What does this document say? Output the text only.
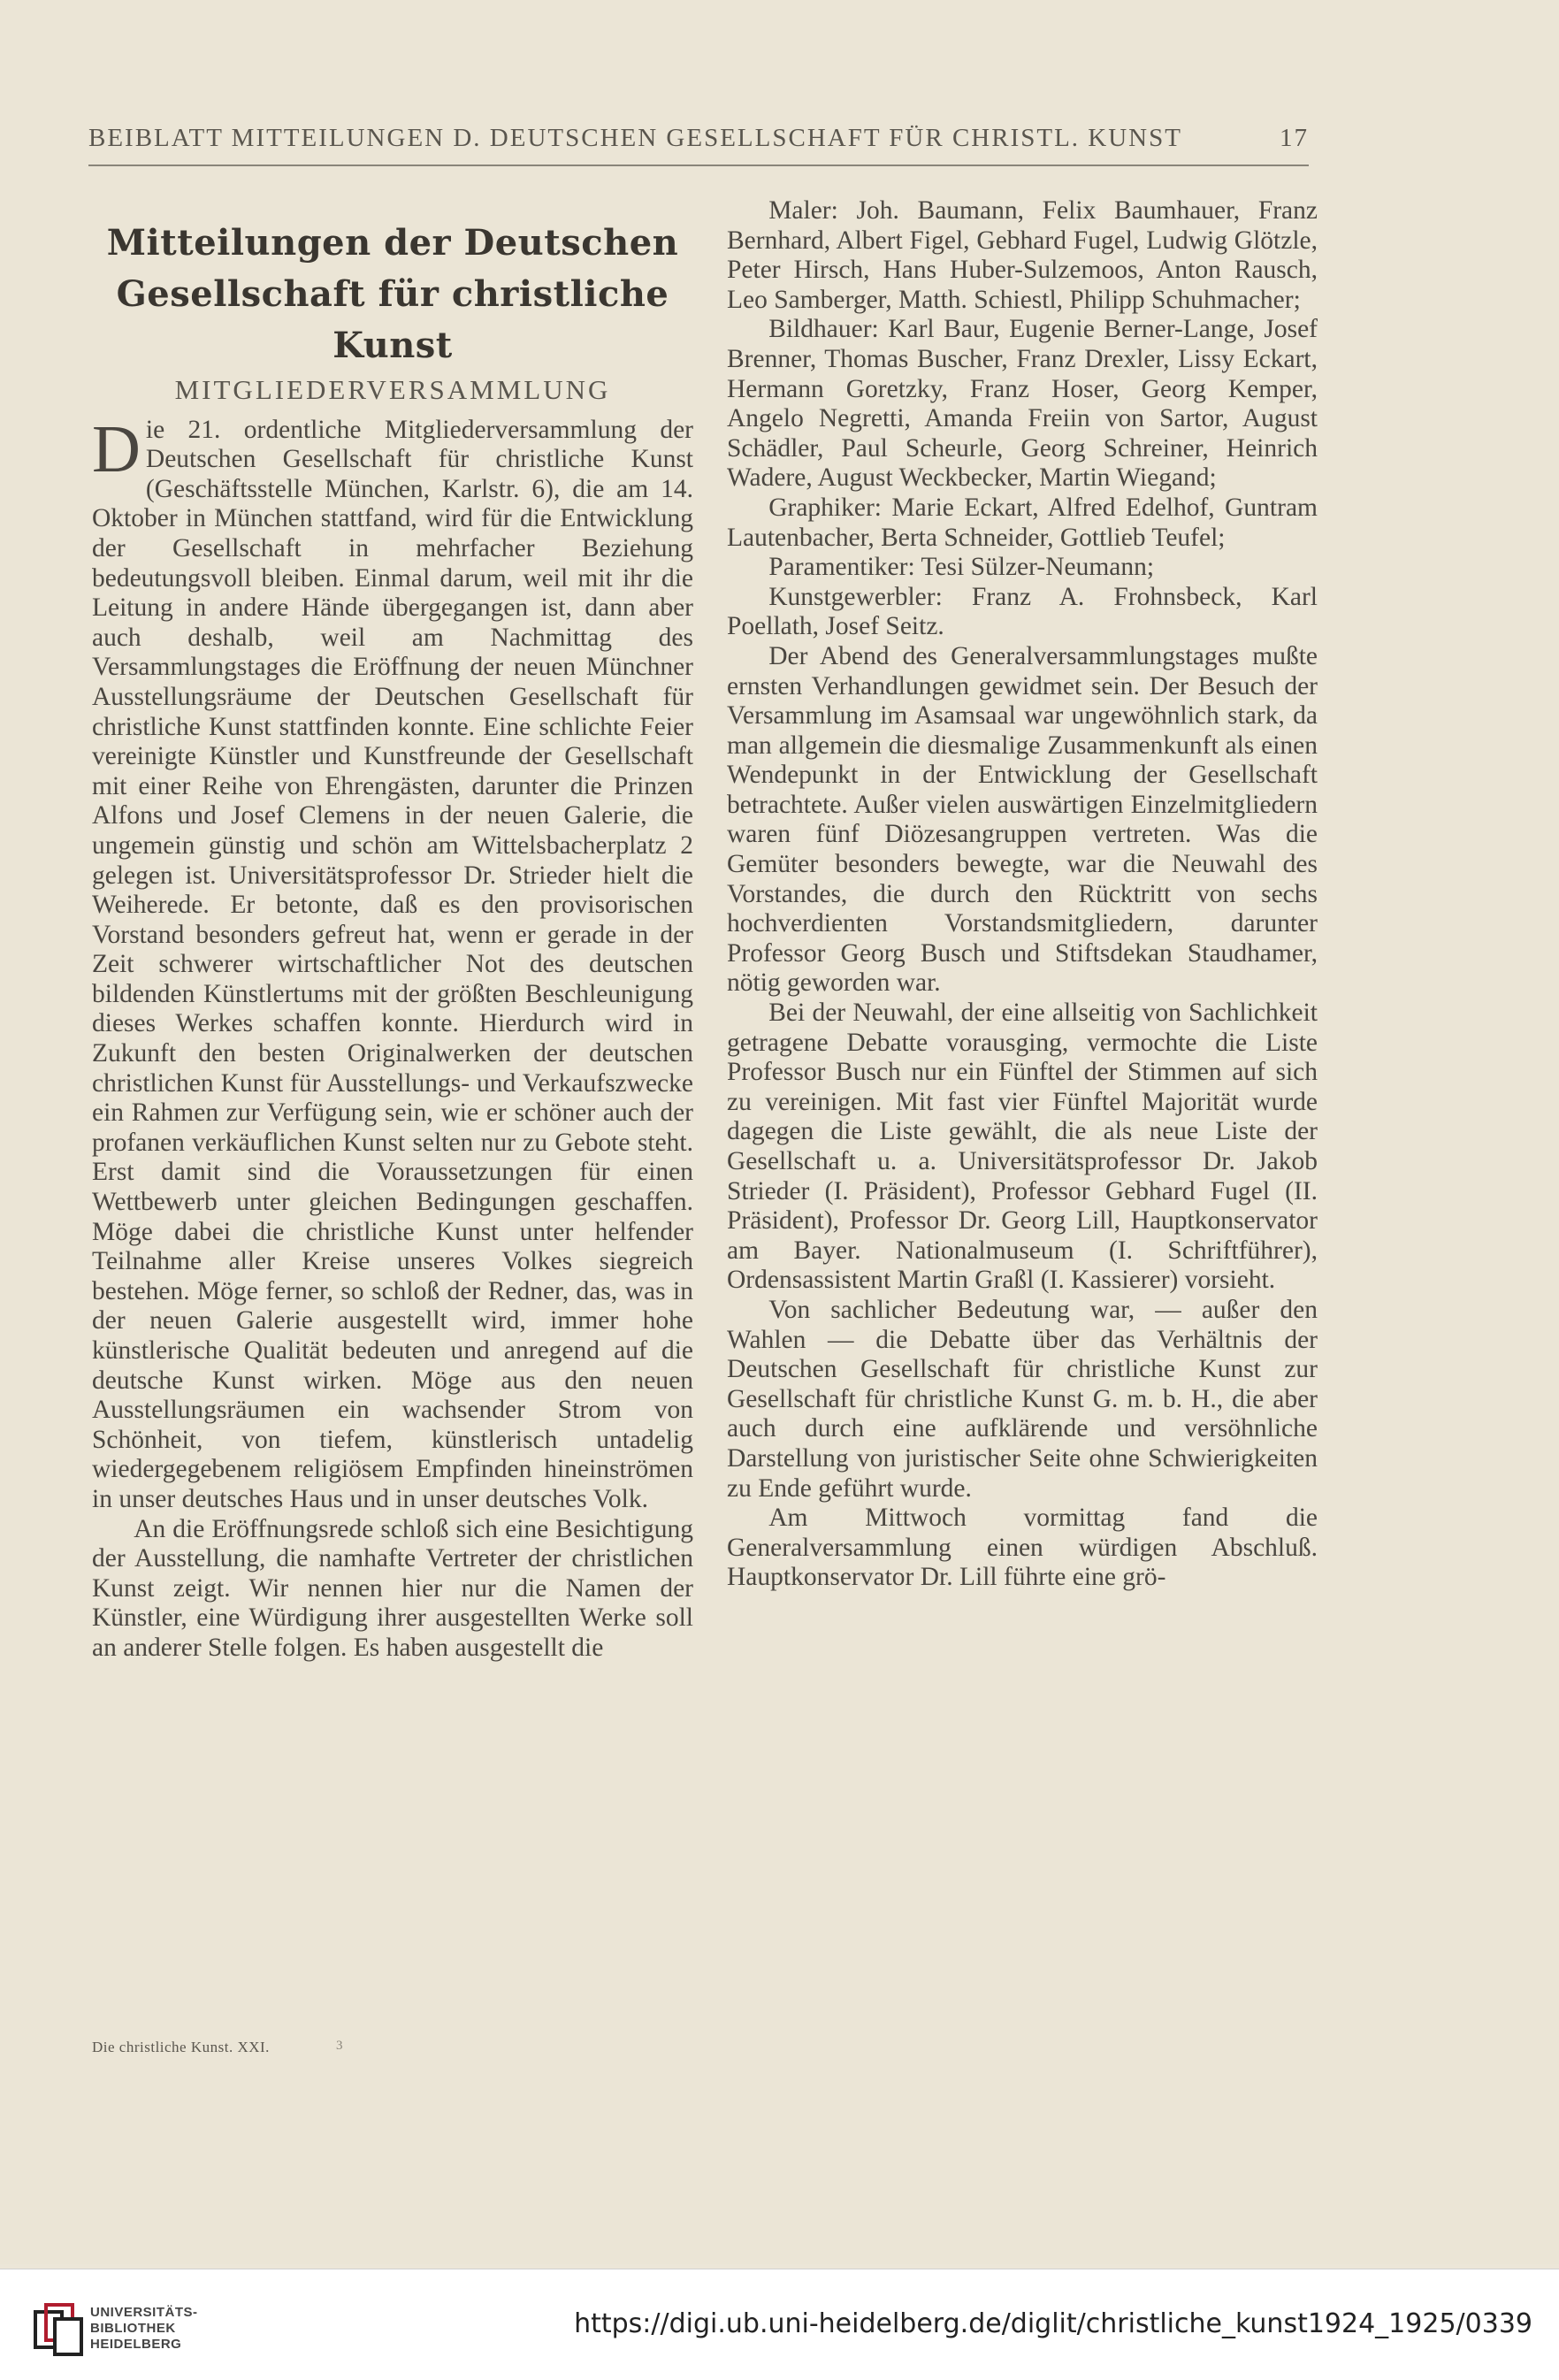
BEIBLATT MITTEILUNGEN D. DEUTSCHEN GESELLSCHAFT FÜR CHRISTL. KUNST	17
Mitteilungen der Deutschen
Gesellschaft für christliche Kunst
MITGLIEDERVERSAMMLUNG

Die 21. ordentliche Mitgliederversammlung der Deutschen Gesellschaft für christliche Kunst (Geschäftsstelle München, Karlstr. 6), die am 14. Oktober in München stattfand, wird für die Entwicklung der Gesellschaft in mehrfacher Beziehung bedeutungsvoll bleiben. Einmal darum, weil mit ihr die Leitung in andere Hände übergegangen ist, dann aber auch deshalb, weil am Nachmittag des Versammlungstages die Eröffnung der neuen Münchner Ausstellungsräume der Deutschen Gesellschaft für christliche Kunst stattfinden konnte. Eine schlichte Feier vereinigte Künstler und Kunstfreunde der Gesellschaft mit einer Reihe von Ehrengästen, darunter die Prinzen Alfons und Josef Clemens in der neuen Galerie, die ungemein günstig und schön am Wittelsbacherplatz 2 gelegen ist. Universitätsprofessor Dr. Strieder hielt die Weiherede. Er betonte, daß es den provisorischen Vorstand besonders gefreut hat, wenn er gerade in der Zeit schwerer wirtschaftlicher Not des deutschen bildenden Künstlertums mit der größten Beschleunigung dieses Werkes schaffen konnte. Hierdurch wird in Zukunft den besten Originalwerken der deutschen christlichen Kunst für Ausstellungs- und Verkaufszwecke ein Rahmen zur Verfügung sein, wie er schöner auch der profanen verkäuflichen Kunst selten nur zu Gebote steht. Erst damit sind die Voraussetzungen für einen Wettbewerb unter gleichen Bedingungen geschaffen. Möge dabei die christliche Kunst unter helfender Teilnahme aller Kreise unseres Volkes siegreich bestehen. Möge ferner, so schloß der Redner, das, was in der neuen Galerie ausgestellt wird, immer hohe künstlerische Qualität bedeuten und anregend auf die deutsche Kunst wirken. Möge aus den neuen Ausstellungsräumen ein wachsender Strom von Schönheit, von tiefem, künstlerisch untadelig wiedergegebenem religiösem Empfinden hineinströmen in unser deutsches Haus und in unser deutsches Volk.

An die Eröffnungsrede schloß sich eine Besichtigung der Ausstellung, die namhafte Vertreter der christlichen Kunst zeigt. Wir nennen hier nur die Namen der Künstler, eine Würdigung ihrer ausgestellten Werke soll an anderer Stelle folgen. Es haben ausgestellt die

Maler: Joh. Baumann, Felix Baumhauer, Franz Bernhard, Albert Figel, Gebhard Fugel, Ludwig Glötzle, Peter Hirsch, Hans Huber-Sulzemoos, Anton Rausch, Leo Samberger, Matth. Schiestl, Philipp Schuhmacher;

Bildhauer: Karl Baur, Eugenie Berner-Lange, Josef Brenner, Thomas Buscher, Franz Drexler, Lissy Eckart, Hermann Goretzky, Franz Hoser, Georg Kemper, Angelo Negretti, Amanda Freiin von Sartor, August Schädler, Paul Scheurle, Georg Schreiner, Heinrich Wadere, August Weckbecker, Martin Wiegand;

Graphiker: Marie Eckart, Alfred Edelhof, Guntram Lautenbacher, Berta Schneider, Gottlieb Teufel;

Paramentiker: Tesi Sülzer-Neumann;

Kunstgewerbler: Franz A. Frohnsbeck, Karl Poellath, Josef Seitz.

Der Abend des Generalversammlungstages mußte ernsten Verhandlungen gewidmet sein. Der Besuch der Versammlung im Asamsaal war ungewöhnlich stark, da man allgemein die diesmalige Zusammenkunft als einen Wendepunkt in der Entwicklung der Gesellschaft betrachtete. Außer vielen auswärtigen Einzelmitgliedern waren fünf Diözesangruppen vertreten. Was die Gemüter besonders bewegte, war die Neuwahl des Vorstandes, die durch den Rücktritt von sechs hochverdienten Vorstandsmitgliedern, darunter Professor Georg Busch und Stiftsdekan Staudhamer, nötig geworden war.

Bei der Neuwahl, der eine allseitig von Sachlichkeit getragene Debatte vorausging, vermochte die Liste Professor Busch nur ein Fünftel der Stimmen auf sich zu vereinigen. Mit fast vier Fünftel Majorität wurde dagegen die Liste gewählt, die als neue Liste der Gesellschaft u. a. Universitätsprofessor Dr. Jakob Strieder (I. Präsident), Professor Gebhard Fugel (II. Präsident), Professor Dr. Georg Lill, Hauptkonservator am Bayer. Nationalmuseum (I. Schriftführer), Ordensassistent Martin Graßl (I. Kassierer) vorsieht.

Von sachlicher Bedeutung war, — außer den Wahlen — die Debatte über das Verhältnis der Deutschen Gesellschaft für christliche Kunst zur Gesellschaft für christliche Kunst G. m. b. H., die aber auch durch eine aufklärende und versöhnliche Darstellung von juristischer Seite ohne Schwierigkeiten zu Ende geführt wurde.

Am Mittwoch vormittag fand die Generalversammlung einen würdigen Abschluß. Hauptkonservator Dr. Lill führte eine grö-

Die christliche Kunst. XXI.	3
UNIVERSITÄTS-
BIBLIOTHEK
HEIDELBERG
https://digi.ub.uni-heidelberg.de/diglit/christliche_kunst1924_1925/0339
